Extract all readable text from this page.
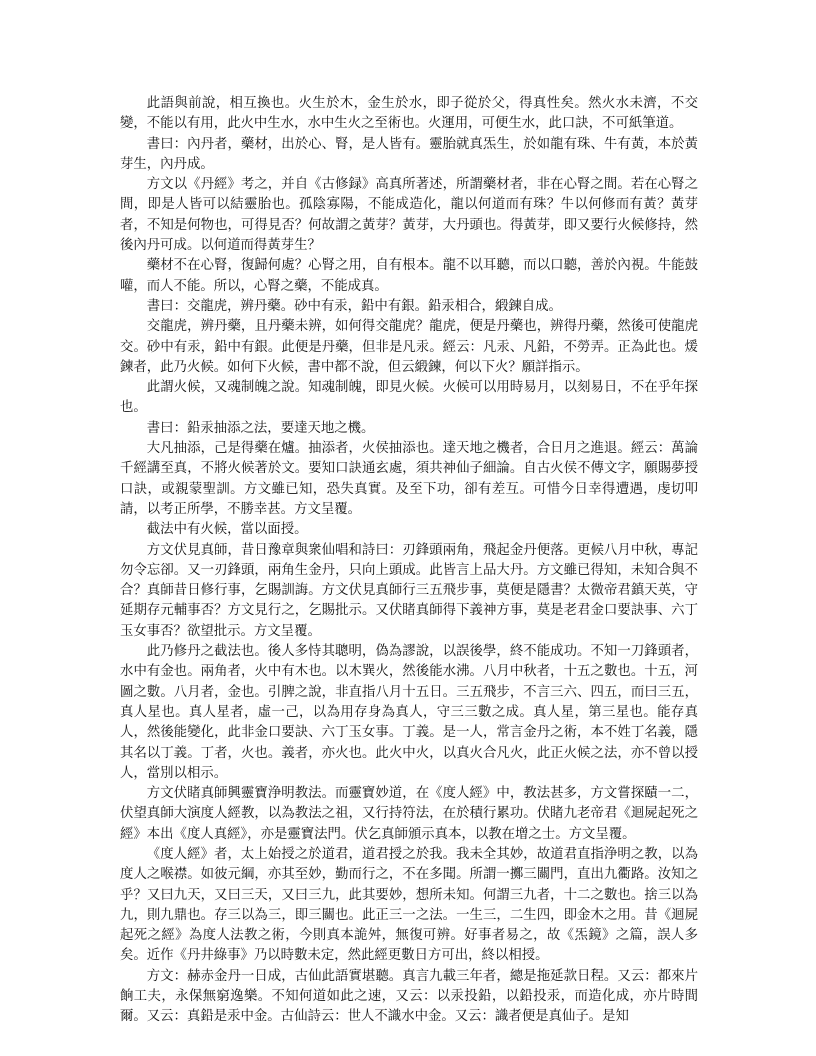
此語與前說，相互換也。火生於木，金生於水，即子從於父，得真性矣。然火水未濟，不交變，不能以有用，此火中生水，水中生火之至術也。火運用，可便生水，此口訣，不可紙筆道。

書曰：內丹者，藥材，出於心、腎，是人皆有。靈胎就真炁生，於如龍有珠、牛有黃，本於黃芽生，內丹成。

方文以《丹經》考之，并自《古修録》高真所著述，所謂藥材者，非在心腎之間。若在心腎之間，即是人皆可以結靈胎也。孤陰寡陽，不能成造化，龍以何道而有珠？牛以何修而有黃？黃芽者，不知是何物也，可得見否？何故謂之黃芽？黃芽，大丹頭也。得黃芽，即又要行火候修持，然後內丹可成。以何道而得黃芽生？

藥材不在心腎，復歸何處？心腎之用，自有根本。龍不以耳聽，而以口聽，善於內視。牛能鼓嚾，而人不能。所以，心腎之藥，不能成真。

書曰：交龍虎，辨丹藥。砂中有汞，鉛中有銀。鉛汞相合，緞鍊自成。

交龍虎，辨丹藥，且丹藥未辨，如何得交龍虎？龍虎，便是丹藥也，辨得丹藥，然後可使龍虎交。砂中有汞，鉛中有銀。此便是丹藥，但非是凡汞。經云：凡汞、凡鉛，不勞弄。正為此也。煖鍊者，此乃火候。如何下火候，書中都不說，但云緞鍊，何以下火？願詳指示。

此謂火候，又魂制魄之說。知魂制魄，即見火候。火候可以用時易月，以刻易日，不在乎年探也。

書曰：鉛汞抽添之法，要達天地之機。

大凡抽添，己是得藥在爐。抽添者，火侯抽添也。達天地之機者，合日月之進退。經云：萬論千經講至真，不將火候著於文。要知口訣通玄處，須共神仙子細論。自古火侯不傳文字，願賜夢授口訣，或親蒙聖訓。方文雖已知，恐失真實。及至下功，卻有差互。可惜今日幸得遭遇，虔切叩請，以考正所學，不勝幸甚。方文呈覆。

截法中有火候，當以面授。

方文伏見真師，昔日豫章與衆仙唱和詩曰：刃鋒頭兩角，飛起金丹便落。更候八月中秋，專記勿令忘卻。又一刃鋒頭，兩角生金丹，只向上頭成。此皆言上品大丹。方文雖已得知，未知合與不合？真師昔日修行事，乞賜訓誨。方文伏見真師行三五飛步事，莫便是隱書？太微帝君鎮天英，守延期存元輔事否？方文見行之，乞賜批示。又伏睹真師得下義神方事，莫是老君金口要訣事、六丁玉女事否？欲望批示。方文呈覆。

此乃修丹之截法也。後人多恃其聰明，偽為謬說，以誤後學，終不能成功。不知一刀鋒頭者，水中有金也。兩角者，火中有木也。以木巽火，然後能水沸。八月中秋者，十五之數也。十五，河圖之數。八月者，金也。引脾之說，非直指八月十五日。三五飛步，不言三六、四五，而曰三五，真人星也。真人星者，虛一己，以為用存身為真人，守三三數之成。真人星，第三星也。能存真人，然後能變化，此非金口要訣、六丁玉女事。丁義。是一人，常言金丹之術，本不姓丁名義，隱其名以丁義。丁者，火也。義者，亦火也。此火中火，以真火合凡火，此正火候之法，亦不曾以授人，當別以相示。

方文伏睹真師興靈寶浄明教法。而靈寶妙道，在《度人經》中，教法甚多，方文嘗探賾一二，伏望真師大演度人經教，以為教法之祖，又行持符法，在於積行累功。伏睹九老帝君《迴屍起死之經》本出《度人真經》，亦是靈寶法門。伏乞真師頒示真本，以教在增之士。方文呈覆。

《度人經》者，太上始授之於道君，道君授之於我。我未全其妙，故道君直指浄明之教，以為度人之喉襟。如彼元綱，亦其至妙，勤而行之，不在多聞。所謂一擲三關門，直出九衢路。汝知之乎？又曰九天，又曰三天，又曰三九，此其要妙，想所未知。何謂三九者，十二之數也。捨三以為九，則九鼎也。存三以為三，即三關也。此正三一之法。一生三，二生四，即金木之用。昔《迴屍起死之經》為度人法教之術，今則真本詭舛，無復可辨。好事者易之，故《炁鏡》之篇，誤人多矣。近作《丹井綠事》乃以時數未定，然此經更數日方可出，終以相授。

方文：赫赤金丹一日成，古仙此語實堪聽。真言九載三年者，總是拖延款日程。又云：都來片餉工夫，永保無窮逸樂。不知何道如此之速，又云：以汞投鉛，以鉛投汞，而造化成，亦片時間爾。又云：真鉛是汞中金。古仙詩云：世人不識水中金。又云：識者便是真仙子。是知
